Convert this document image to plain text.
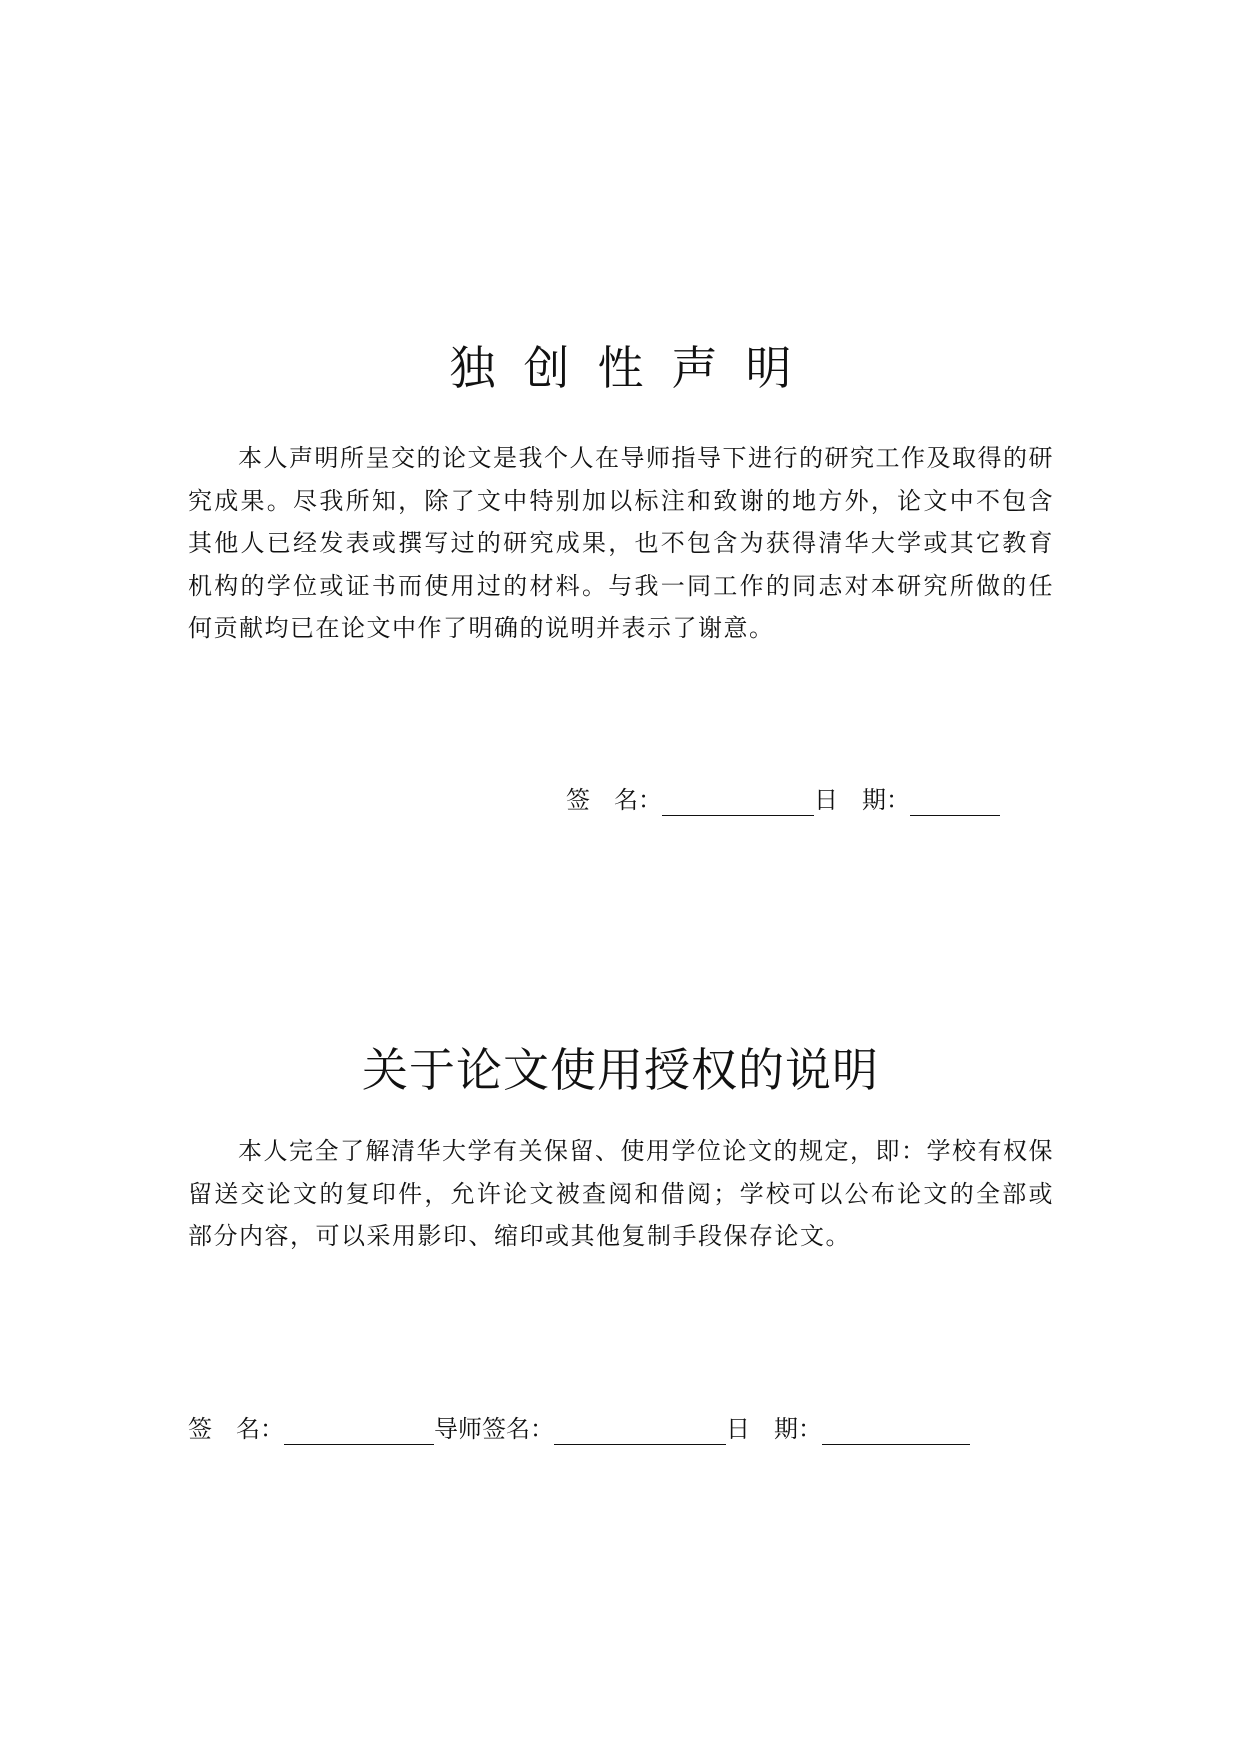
独创性声明
本人声明所呈交的论文是我个人在导师指导下进行的研究工作及取得的研究成果。尽我所知，除了文中特别加以标注和致谢的地方外，论文中不包含其他人已经发表或撰写过的研究成果，也不包含为获得清华大学或其它教育机构的学位或证书而使用过的材料。与我一同工作的同志对本研究所做的任何贡献均已在论文中作了明确的说明并表示了谢意。
签　名：	日　期：
关于论文使用授权的说明
本人完全了解清华大学有关保留、使用学位论文的规定，即：学校有权保留送交论文的复印件，允许论文被查阅和借阅；学校可以公布论文的全部或部分内容，可以采用影印、缩印或其他复制手段保存论文。
签　名：	导师签名：	日　期：
